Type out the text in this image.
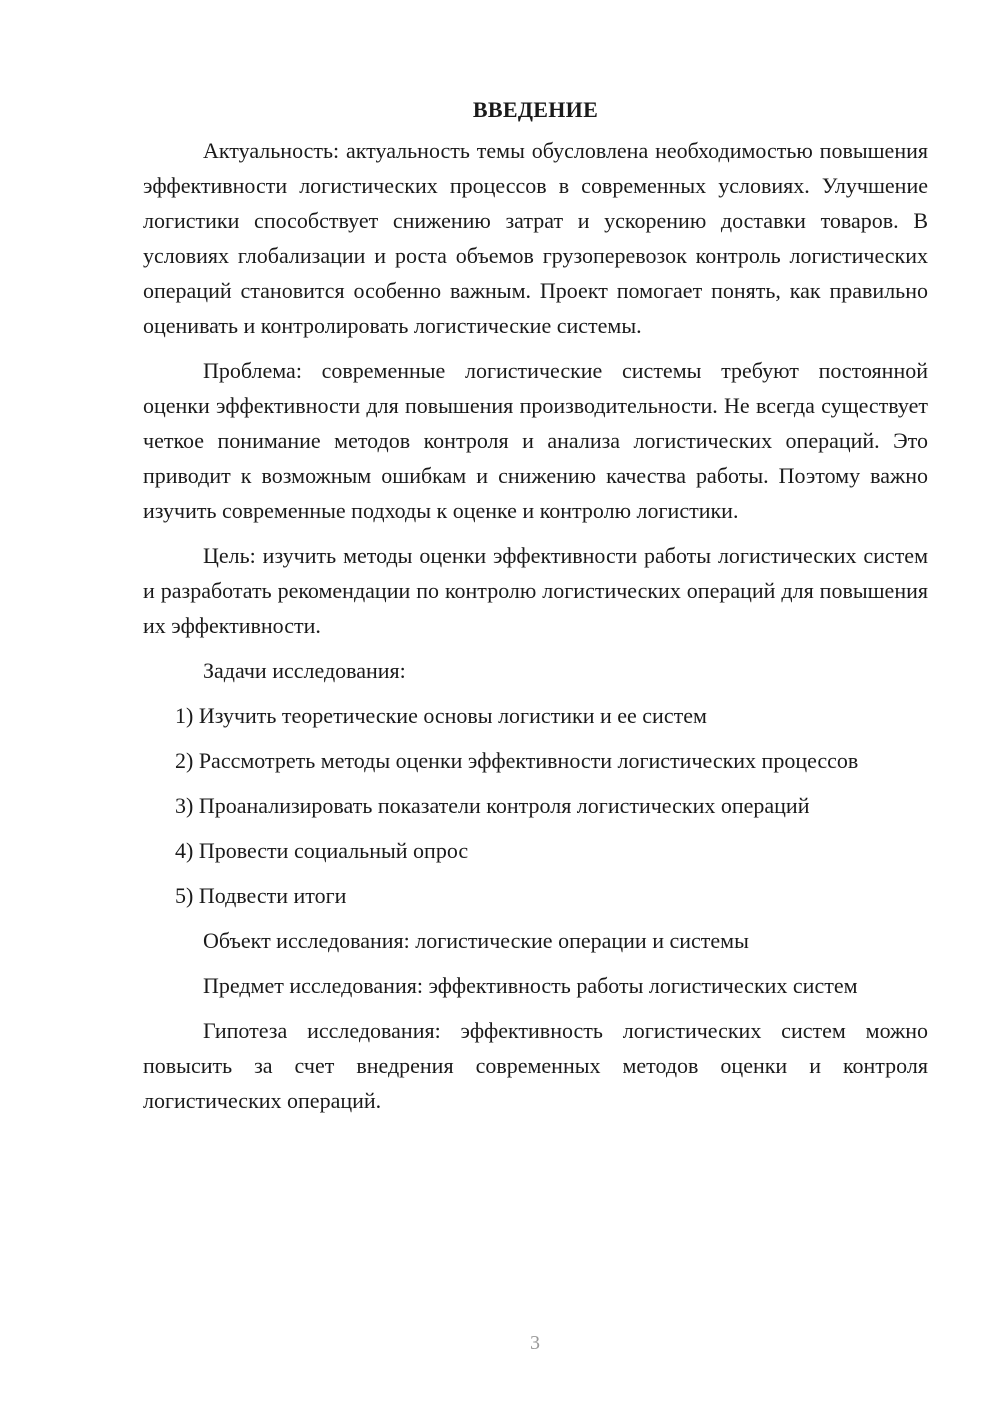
ВВЕДЕНИЕ

Актуальность: актуальность темы обусловлена необходимостью повышения эффективности логистических процессов в современных условиях. Улучшение логистики способствует снижению затрат и ускорению доставки товаров. В условиях глобализации и роста объемов грузоперевозок контроль логистических операций становится особенно важным. Проект помогает понять, как правильно оценивать и контролировать логистические системы.

Проблема: современные логистические системы требуют постоянной оценки эффективности для повышения производительности. Не всегда существует четкое понимание методов контроля и анализа логистических операций. Это приводит к возможным ошибкам и снижению качества работы. Поэтому важно изучить современные подходы к оценке и контролю логистики.

Цель: изучить методы оценки эффективности работы логистических систем и разработать рекомендации по контролю логистических операций для повышения их эффективности.

Задачи исследования:

1) Изучить теоретические основы логистики и ее систем

2) Рассмотреть методы оценки эффективности логистических процессов

3) Проанализировать показатели контроля логистических операций

4) Провести социальный опрос

5) Подвести итоги

Объект исследования: логистические операции и системы

Предмет исследования: эффективность работы логистических систем

Гипотеза исследования: эффективность логистических систем можно повысить за счет внедрения современных методов оценки и контроля логистических операций.

3
